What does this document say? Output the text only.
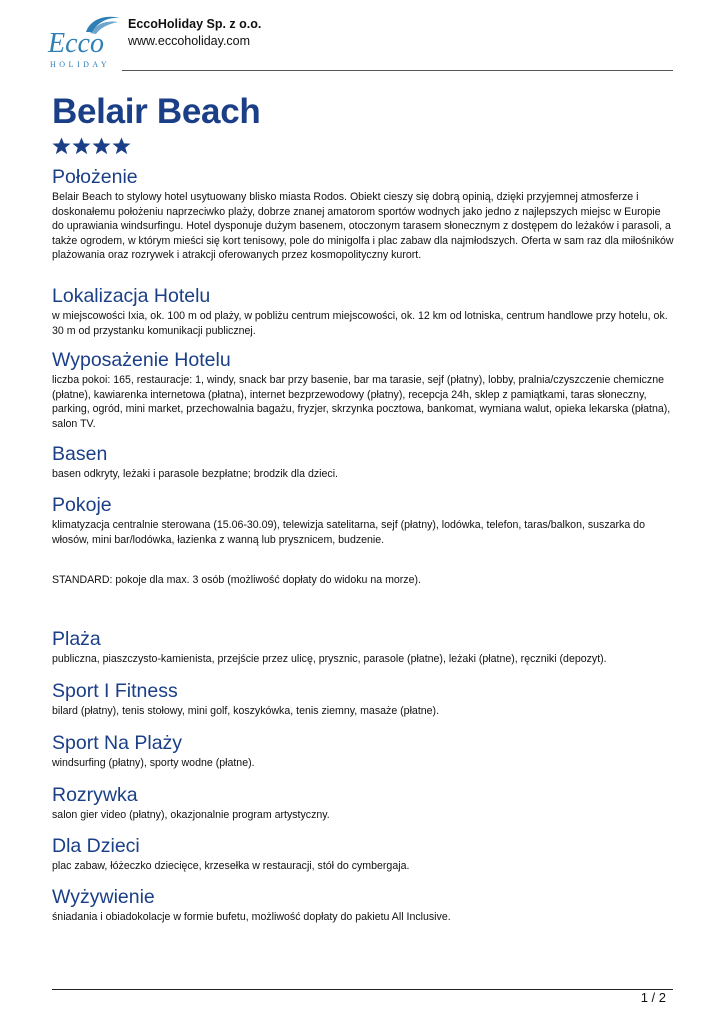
Ecco
HOLIDAY
EccoHoliday Sp. z o.o.
www.eccoholiday.com
Belair Beach
Położenie

Belair Beach to stylowy hotel usytuowany blisko miasta Rodos. Obiekt cieszy się dobrą opinią, dzięki przyjemnej atmosferze i doskonałemu położeniu naprzeciwko plaży, dobrze znanej amatorom sportów wodnych jako jedno z najlepszych miejsc w Europie do uprawiania windsurfingu. Hotel dysponuje dużym basenem, otoczonym tarasem słonecznym z dostępem do leżaków i parasoli, a także ogrodem, w którym mieści się kort tenisowy, pole do minigolfa i plac zabaw dla najmłodszych. Oferta w sam raz dla miłośników plażowania oraz rozrywek i atrakcji oferowanych przez kosmopolityczny kurort.

Lokalizacja Hotelu

w miejscowości Ixia, ok. 100 m od plaży, w pobliżu centrum miejscowości, ok. 12 km od lotniska, centrum handlowe przy hotelu, ok. 30 m od przystanku komunikacji publicznej.

Wyposażenie Hotelu

liczba pokoi: 165, restauracje: 1, windy, snack bar przy basenie, bar ma tarasie, sejf (płatny), lobby, pralnia/czyszczenie chemiczne (płatne), kawiarenka internetowa (płatna), internet bezprzewodowy (płatny), recepcja 24h, sklep z pamiątkami, taras słoneczny, parking, ogród, mini market, przechowalnia bagażu, fryzjer, skrzynka pocztowa, bankomat, wymiana walut, opieka lekarska (płatna), salon TV.

Basen

basen odkryty, leżaki i parasole bezpłatne; brodzik dla dzieci.

Pokoje

klimatyzacja centralnie sterowana (15.06-30.09), telewizja satelitarna, sejf (płatny), lodówka, telefon, taras/balkon, suszarka do włosów, mini bar/lodówka, łazienka z wanną lub prysznicem, budzenie.

STANDARD: pokoje dla max. 3 osób (możliwość dopłaty do widoku na morze).

Plaża

publiczna, piaszczysto-kamienista, przejście przez ulicę, prysznic, parasole (płatne), leżaki (płatne), ręczniki (depozyt).

Sport I Fitness

bilard (płatny), tenis stołowy, mini golf, koszykówka, tenis ziemny, masaże (płatne).

Sport Na Plaży

windsurfing (płatny), sporty wodne (płatne).

Rozrywka

salon gier video (płatny), okazjonalnie program artystyczny.

Dla Dzieci

plac zabaw, łóżeczko dziecięce, krzesełka w restauracji, stół do cymbergaja.

Wyżywienie

śniadania i obiadokolacje w formie bufetu, możliwość dopłaty do pakietu All Inclusive.

1 / 2
